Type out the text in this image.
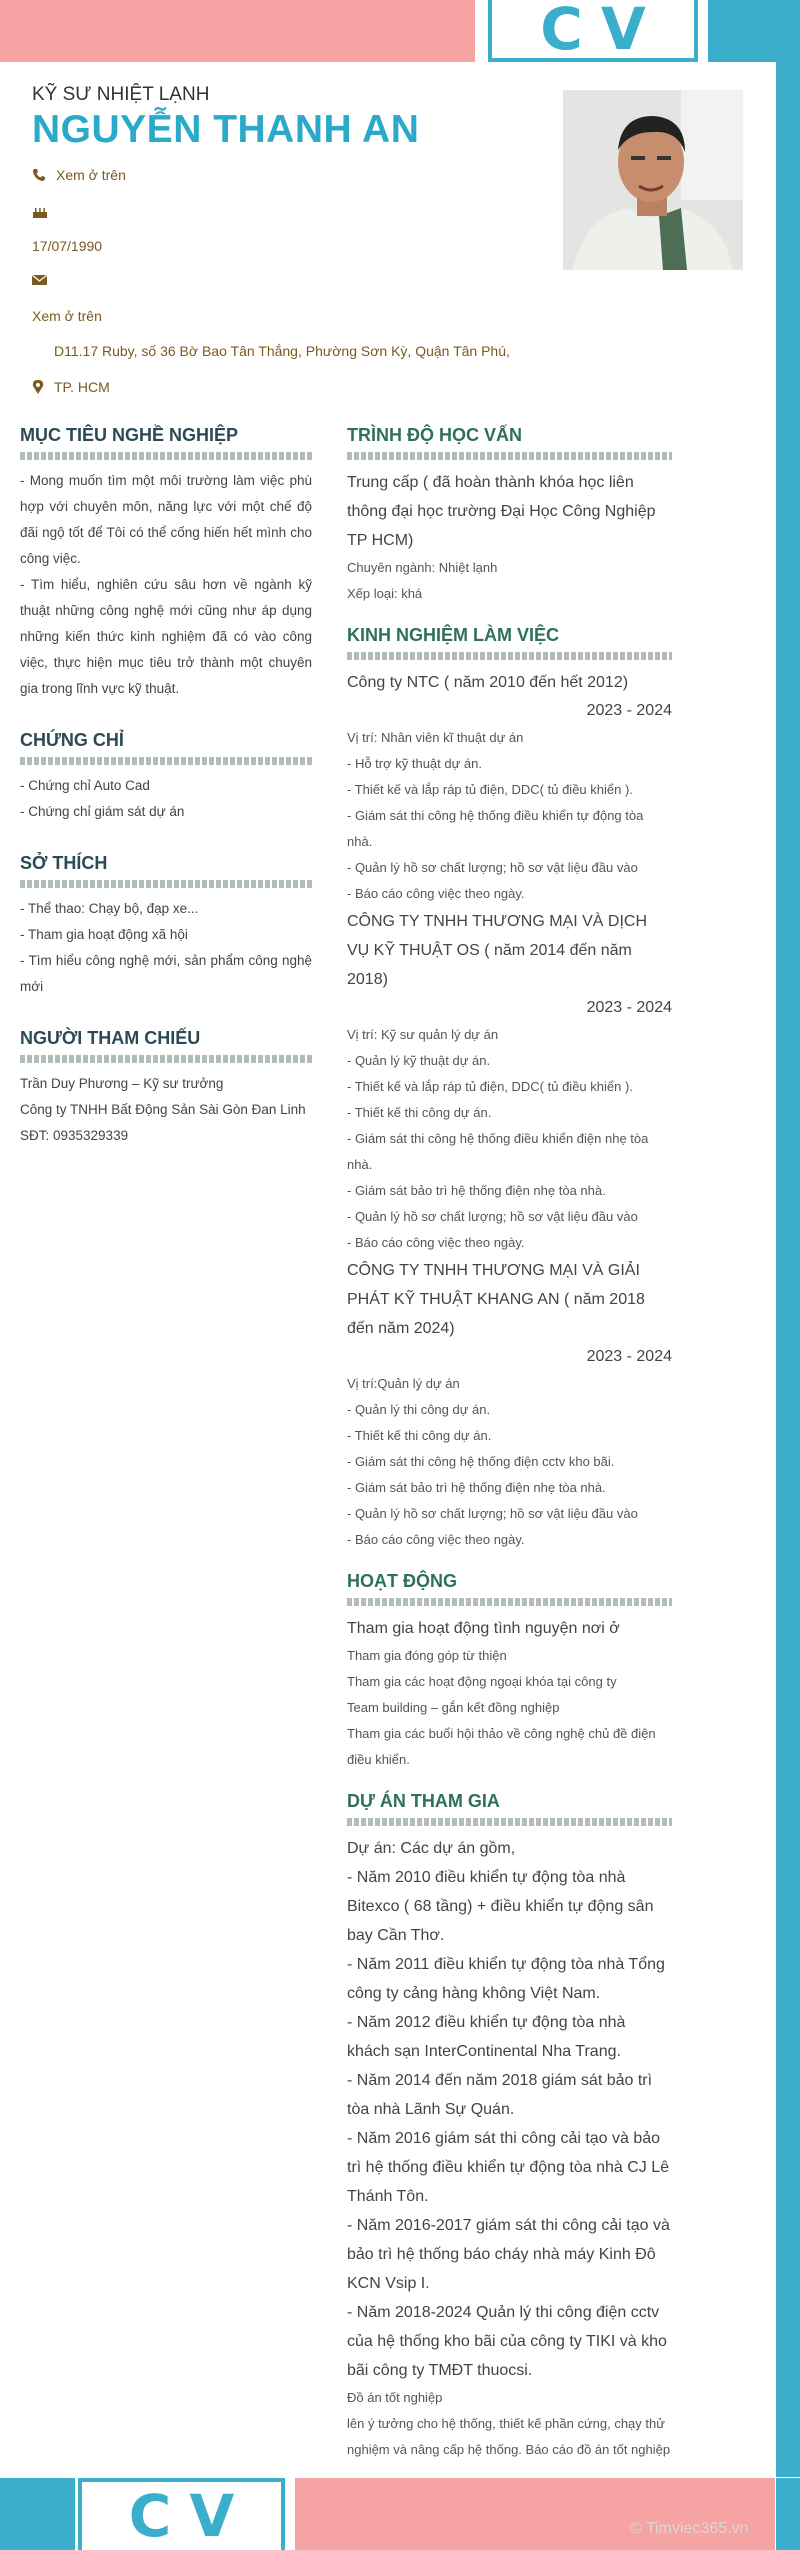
CV
CV	© Timviec365.vn
KỸ SƯ NHIỆT LẠNH
NGUYỄN THANH AN
Xem ở trên
17/07/1990
Xem ở trên
D11.17 Ruby, số 36 Bờ Bao Tân Thắng, Phường Sơn Kỳ, Quận Tân Phú,
TP. HCM
MỤC TIÊU NGHỀ NGHIỆP
- Mong muốn tìm một môi trường làm việc phù hợp với chuyên môn, năng lực với một chế độ đãi ngộ tốt để Tôi có thể cống hiến hết mình cho công việc.
- Tìm hiểu, nghiên cứu sâu hơn về ngành kỹ thuật những công nghệ mới cũng như áp dụng những kiến thức kinh nghiệm đã có vào công việc, thực hiện mục tiêu trở thành một chuyên gia trong lĩnh vực kỹ thuật.
CHỨNG CHỈ
- Chứng chỉ Auto Cad
- Chứng chỉ giám sát dự án
SỞ THÍCH
- Thể thao: Chạy bộ, đạp xe...
- Tham gia hoạt động xã hội
- Tìm hiểu công nghệ mới, sản phẩm công nghệ mới
NGƯỜI THAM CHIẾU
Trần Duy Phương – Kỹ sư trưởng
Công ty TNHH Bất Động Sản Sài Gòn Đan Linh
SĐT: 0935329339
TRÌNH ĐỘ HỌC VẤN
Trung cấp ( đã hoàn thành khóa học liên thông đại học trường Đại Học Công Nghiệp TP HCM)
Chuyên ngành: Nhiệt lạnh
Xếp loại: khá
KINH NGHIỆM LÀM VIỆC
Công ty NTC ( năm 2010 đến hết 2012)
2023 - 2024
Vị trí: Nhân viên kĩ thuật dự án
- Hỗ trợ kỹ thuật dự án.
- Thiết kế và lắp ráp tủ điện, DDC( tủ điều khiển ).
- Giám sát thi công hệ thống điều khiển tự động tòa nhà.
- Quản lý hồ sơ chất lượng; hồ sơ vật liệu đầu vào
- Báo cáo công việc theo ngày.
CÔNG TY TNHH THƯƠNG MẠI VÀ DỊCH VỤ KỸ THUẬT OS ( năm 2014 đến năm 2018)
2023 - 2024
Vị trí: Kỹ sư quản lý dự án
- Quản lý kỹ thuật dự án.
- Thiết kế và lắp ráp tủ điện, DDC( tủ điều khiển ).
- Thiết kế thi công dự án.
- Giám sát thi công hệ thống điều khiển điện nhẹ tòa nhà.
- Giám sát bảo trì hệ thống điện nhẹ tòa nhà.
- Quản lý hồ sơ chất lượng; hồ sơ vật liệu đầu vào
- Báo cáo công việc theo ngày.
CÔNG TY TNHH THƯƠNG MẠI VÀ GIẢI PHÁT KỸ THUẬT KHANG AN ( năm 2018 đến năm 2024)
2023 - 2024
Vị trí:Quản lý dự án
- Quản lý thi công dự án.
- Thiết kế thi công dự án.
- Giám sát thi công hệ thống điện cctv kho bãi.
- Giám sát bảo trì hệ thống điện nhẹ tòa nhà.
- Quản lý hồ sơ chất lượng; hồ sơ vật liệu đầu vào
- Báo cáo công việc theo ngày.
HOẠT ĐỘNG
Tham gia hoạt động tình nguyện nơi ở
Tham gia đóng góp từ thiện
Tham gia các hoạt động ngoại khóa tại công ty
Team building – gắn kết đồng nghiệp
Tham gia các buổi hội thảo về công nghệ chủ đề điện điều khiển.
DỰ ÁN THAM GIA
Dự án: Các dự án gồm,
- Năm 2010 điều khiển tự động tòa nhà Bitexco ( 68 tầng) + điều khiển tự động sân bay Cần Thơ.
- Năm 2011 điều khiển tự động tòa nhà Tổng công ty cảng hàng không Việt Nam.
- Năm 2012 điều khiển tự động tòa nhà khách sạn InterContinental Nha Trang.
- Năm 2014 đến năm 2018 giám sát bảo trì tòa nhà Lãnh Sự Quán.
- Năm 2016 giám sát thi công cải tạo và bảo trì hệ thống điều khiển tự động tòa nhà CJ Lê Thánh Tôn.
- Năm 2016-2017 giám sát thi công cải tạo và bảo trì hệ thống báo cháy nhà máy Kinh Đô KCN Vsip I.
- Năm 2018-2024 Quản lý thi công điện cctv của hệ thống kho bãi của công ty TIKI và kho bãi công ty TMĐT thuocsi.
Đồ án tốt nghiệp
lên ý tưởng cho hệ thống, thiết kế phần cứng, chạy thử nghiệm và nâng cấp hệ thống. Báo cáo đồ án tốt nghiệp
